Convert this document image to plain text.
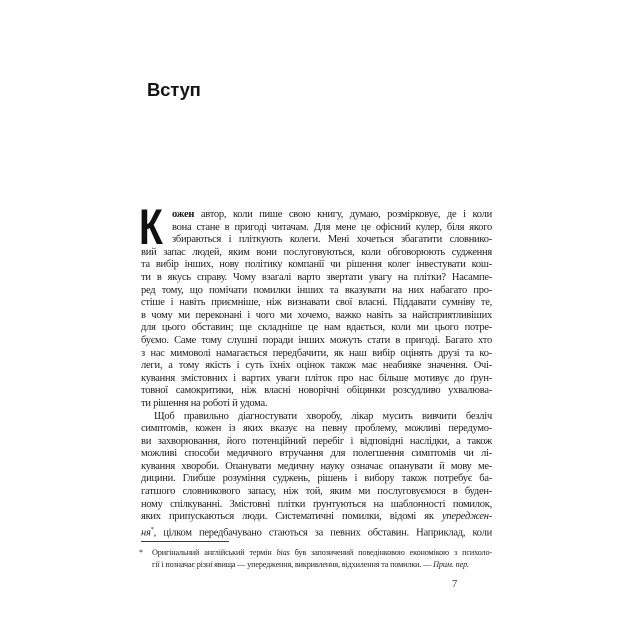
Вступ
К ожен автор, коли пише свою книгу, думаю, розмірковує, де і коли
вона стане в пригоді читачам. Для мене це офісний кулер, біля якого
збираються і пліткують колеги. Мені хочеться збагатити словнико-
вий запас людей, яким вони послуговуються, коли обговорюють судження
та вибір інших, нову політику компанії чи рішення колег інвестувати кош-
ти в якусь справу. Чому взагалі варто звертати увагу на плітки? Насампе-
ред тому, що помічати помилки інших та вказувати на них набагато про-
стіше і навіть приємніше, ніж визнавати свої власні. Піддавати сумніву те,
в чому ми переконані і чого ми хочемо, важко навіть за найсприятливіших
для цього обставин; ще складніше це нам вдається, коли ми цього потре-
буємо. Саме тому слушні поради інших можуть стати в пригоді. Багато хто
з нас мимоволі намагається передбачити, як наш вибір оцінять друзі та ко-
леги, а тому якість і суть їхніх оцінок також має неабияке значення. Очі-
кування змістовних і вартих уваги пліток про нас більше мотивує до ґрун-
товної самокритики, ніж власні новорічні обіцянки розсудливо ухвалюва-
ти рішення на роботі й удома.
Щоб правильно діагностувати хворобу, лікар мусить вивчити безліч
симптомів, кожен із яких вказує на певну проблему, можливі передумо-
ви захворювання, його потенційний перебіг і відповідні наслідки, а також
можливі способи медичного втручання для полегшення симптомів чи лі-
кування хвороби. Опанувати медичну науку означає опанувати й мову ме-
дицини. Глибше розуміння суджень, рішень і вибору також потребує ба-
гатшого словникового запасу, ніж той, яким ми послуговуємося в буден-
ному спілкуванні. Змістовні плітки ґрунтуються на шаблонності помилок,
яких припускаються люди. Систематичні помилки, відомі як упереджен-
ня*, цілком передбачувано стаються за певних обставин. Наприклад, коли
* Оригінальний англійський термін bias був запозичений поведінковою економікою з психоло-
гії і позначає різні явища — упередження, викривлення, відхилення та помилки. — Прим. пер.
7
